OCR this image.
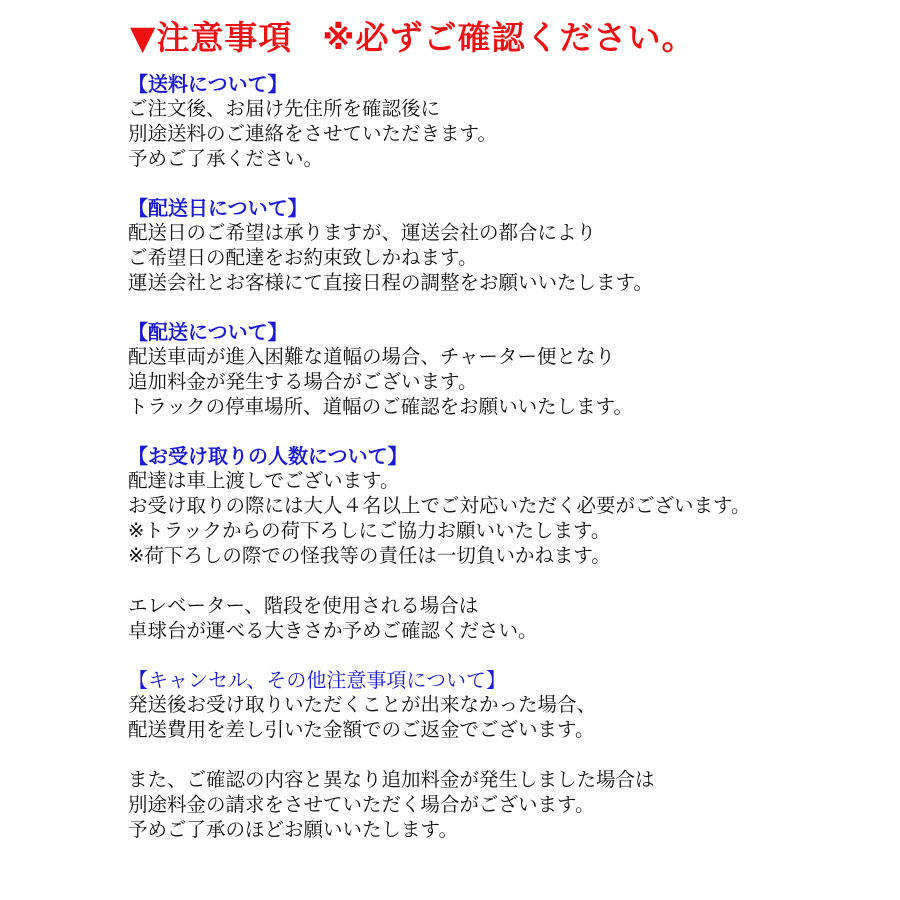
▼注意事項 ※必ずご確認ください。
【送料について】
ご注文後、お届け先住所を確認後に
別途送料のご連絡をさせていただきます。
予めご了承ください。
【配送日について】
配送日のご希望は承りますが、運送会社の都合により
ご希望日の配達をお約束致しかねます。
運送会社とお客様にて直接日程の調整をお願いいたします。
【配送について】
配送車両が進入困難な道幅の場合、チャーター便となり
追加料金が発生する場合がございます。
トラックの停車場所、道幅のご確認をお願いいたします。
【お受け取りの人数について】
配達は車上渡しでございます。
お受け取りの際には大人４名以上でご対応いただく必要がございます。
※トラックからの荷下ろしにご協力お願いいたします。
※荷下ろしの際での怪我等の責任は一切負いかねます。
エレベーター、階段を使用される場合は
卓球台が運べる大きさか予めご確認ください。
【キャンセル、その他注意事項について】
発送後お受け取りいただくことが出来なかった場合、
配送費用を差し引いた金額でのご返金でございます。
また、ご確認の内容と異なり追加料金が発生しました場合は
別途料金の請求をさせていただく場合がございます。
予めご了承のほどお願いいたします。
